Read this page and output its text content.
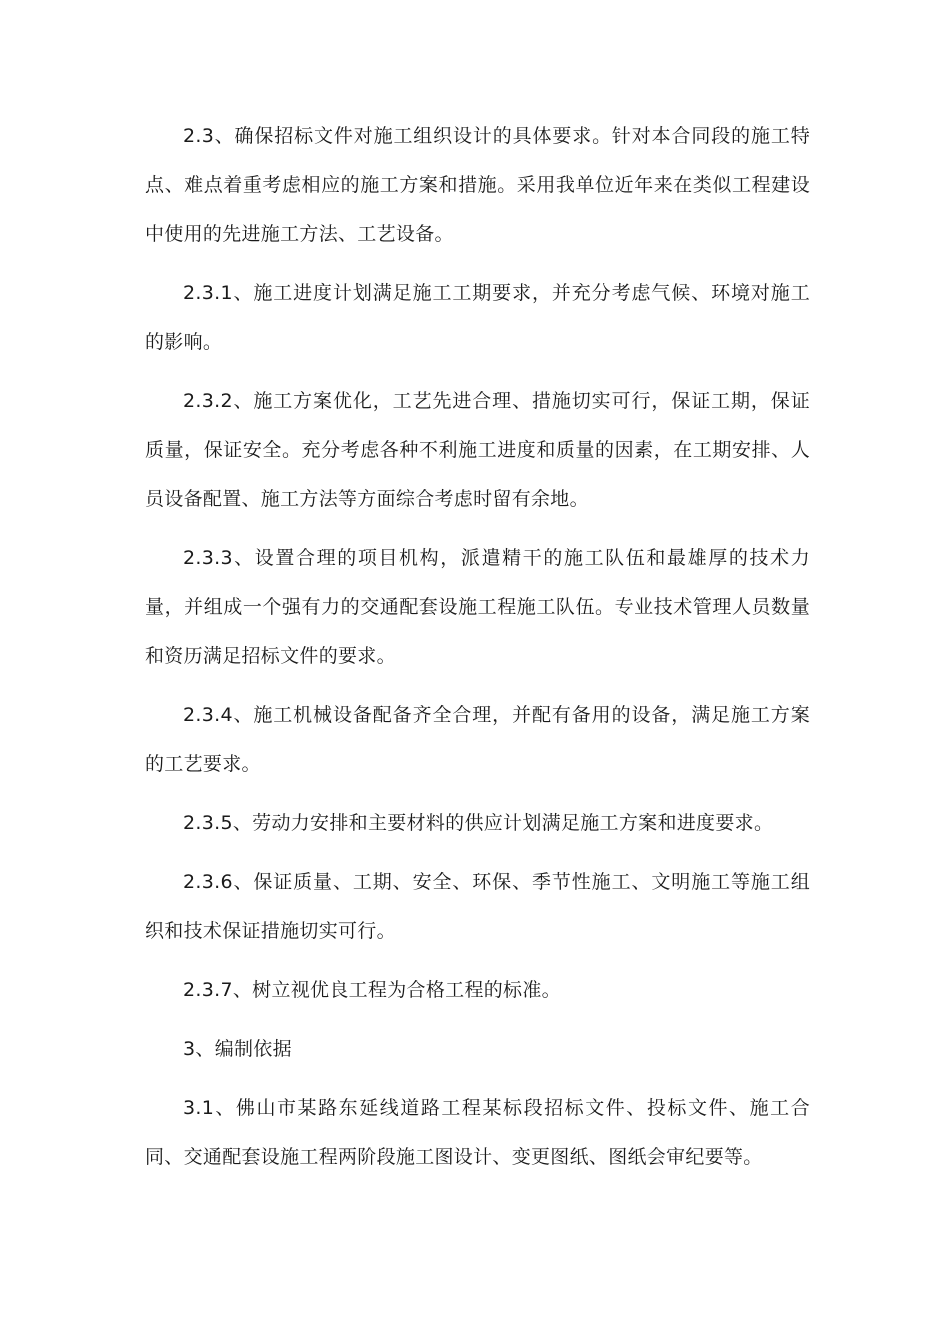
2.3、确保招标文件对施工组织设计的具体要求。针对本合同段的施工特点、难点着重考虑相应的施工方案和措施。采用我单位近年来在类似工程建设中使用的先进施工方法、工艺设备。

2.3.1、施工进度计划满足施工工期要求，并充分考虑气候、环境对施工的影响。

2.3.2、施工方案优化，工艺先进合理、措施切实可行，保证工期，保证质量，保证安全。充分考虑各种不利施工进度和质量的因素，在工期安排、人员设备配置、施工方法等方面综合考虑时留有余地。

2.3.3、设置合理的项目机构，派遣精干的施工队伍和最雄厚的技术力量，并组成一个强有力的交通配套设施工程施工队伍。专业技术管理人员数量和资历满足招标文件的要求。

2.3.4、施工机械设备配备齐全合理，并配有备用的设备，满足施工方案的工艺要求。

2.3.5、劳动力安排和主要材料的供应计划满足施工方案和进度要求。

2.3.6、保证质量、工期、安全、环保、季节性施工、文明施工等施工组织和技术保证措施切实可行。

2.3.7、树立视优良工程为合格工程的标准。

3、编制依据

3.1、佛山市某路东延线道路工程某标段招标文件、投标文件、施工合同、交通配套设施工程两阶段施工图设计、变更图纸、图纸会审纪要等。
